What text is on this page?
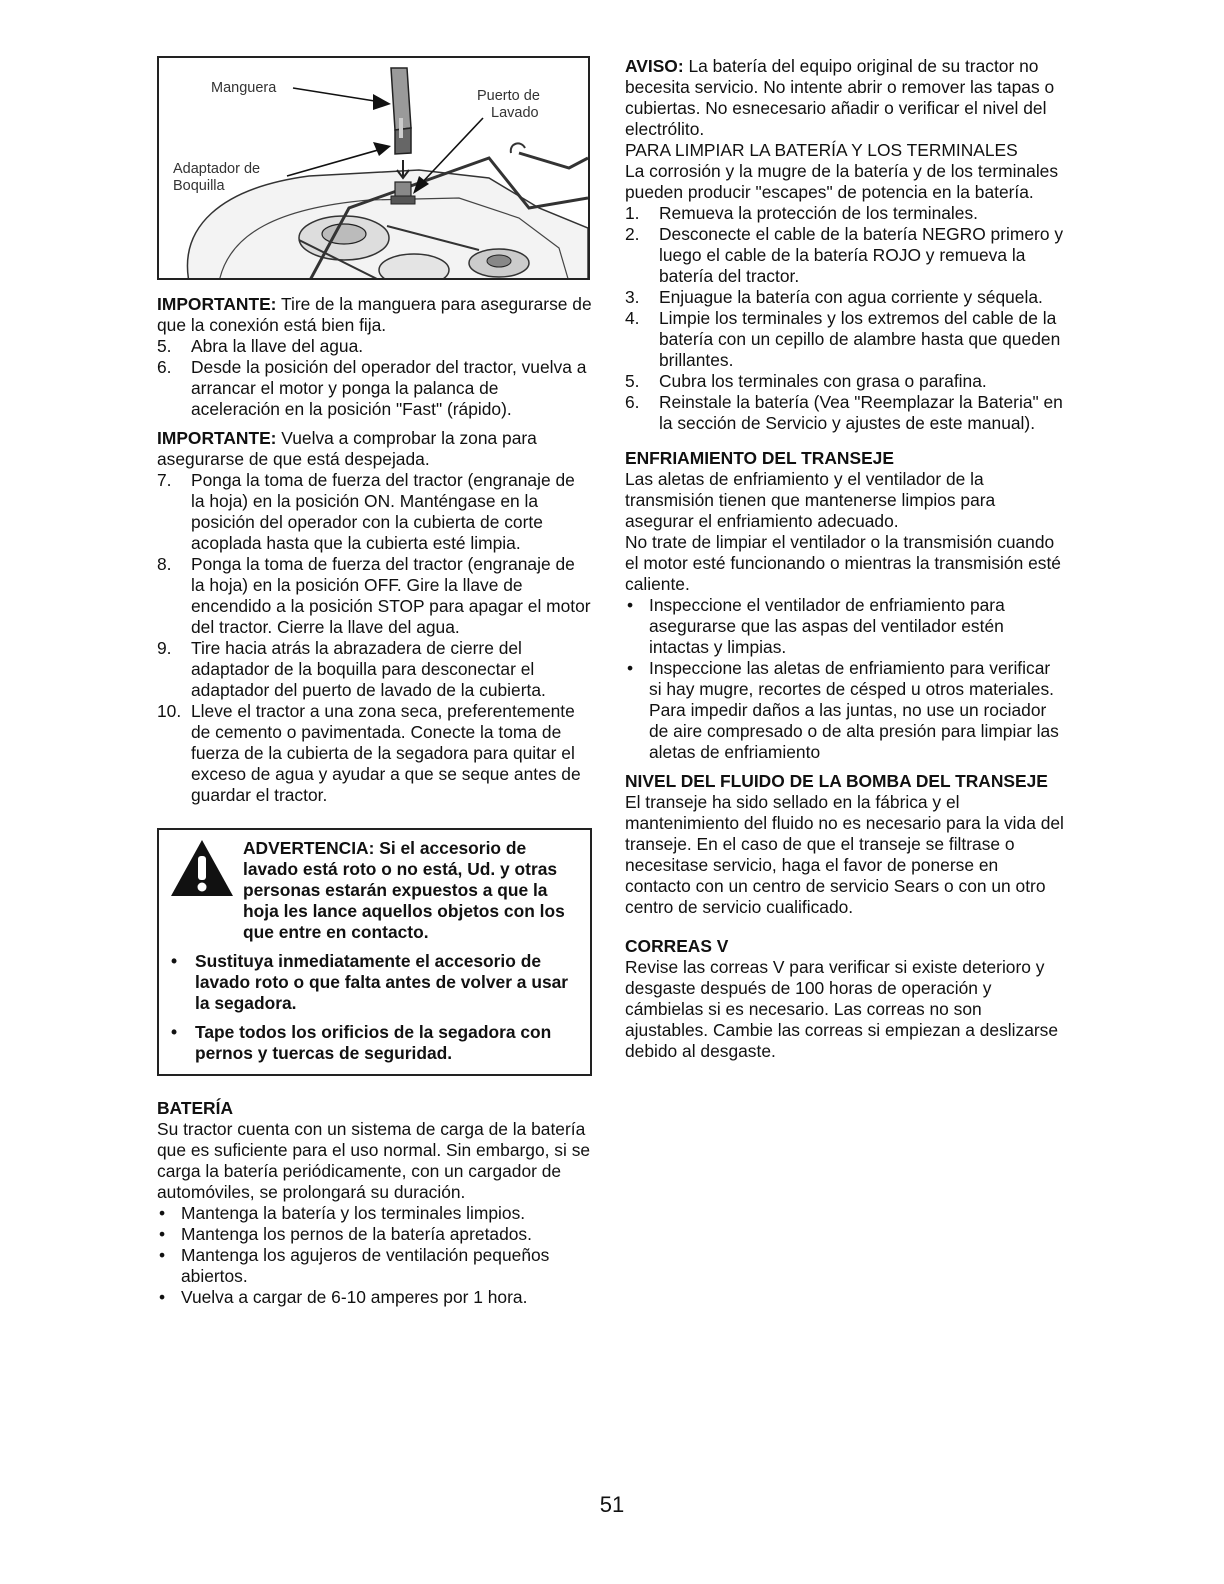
Manguera	Puerto de
Lavado
Adaptador de
Boquilla

IMPORTANTE: Tire de la manguera para asegurarse de que la conexión está bien fija.

5. Abra la llave del agua.
6. Desde la posición del operador del tractor, vuelva a arrancar el motor y ponga la palanca de aceleración en la posición "Fast" (rápido).

IMPORTANTE: Vuelva a comprobar la zona para asegurarse de que está despejada.

7. Ponga la toma de fuerza del tractor (engranaje de la hoja) en la posición ON. Manténgase en la posición del operador con la cubierta de corte acoplada hasta que la cubierta esté limpia.
8. Ponga la toma de fuerza del tractor (engranaje de la hoja) en la posición OFF. Gire la llave de encendido a la posición STOP para apagar el motor del tractor. Cierre la llave del agua.
9. Tire hacia atrás la abrazadera de cierre del adaptador de la boquilla para desconectar el adaptador del puerto de lavado de la cubierta.
10. Lleve el tractor a una zona seca, preferentemente de cemento o pavimentada. Conecte la toma de fuerza de la cubierta de la segadora para quitar el exceso de agua y ayudar a que se seque antes de guardar el tractor.
ADVERTENCIA: Si el accesorio de lavado está roto o no está, Ud. y otras personas estarán expuestos a que la hoja les lance aquellos objetos con los que entre en contacto.
• Sustituya inmediatamente el accesorio de lavado roto o que falta antes de volver a usar la segadora.
• Tape todos los orificios de la segadora con pernos y tuercas de seguridad.
BATERÍA

Su tractor cuenta con un sistema de carga de la batería que es suficiente para el uso normal. Sin embargo, si se carga la batería periódicamente, con un cargador de automóviles, se prolongará su duración.

• Mantenga la batería y los terminales limpios.
• Mantenga los pernos de la batería apretados.
• Mantenga los agujeros de ventilación pequeños abiertos.
• Vuelva a cargar de 6-10 amperes por 1 hora.

AVISO: La batería del equipo original de su tractor no becesita servicio. No intente abrir o remover las tapas o cubiertas. No esnecesario añadir o verificar el nivel del electrólito.

PARA LIMPIAR LA BATERÍA Y LOS TERMINALES

La corrosión y la mugre de la batería y de los terminales pueden producir "escapes" de potencia en la batería.

1. Remueva la protección de los terminales.
2. Desconecte el cable de la batería NEGRO primero y luego el cable de la batería ROJO y remueva la batería del tractor.
3. Enjuague la batería con agua corriente y séquela.
4. Limpie los terminales y los extremos del cable de la batería con un cepillo de alambre hasta que queden brillantes.
5. Cubra los terminales con grasa o parafina.
6. Reinstale la batería (Vea "Reemplazar la Bateria" en la sección de Servicio y ajustes de este manual).
ENFRIAMIENTO DEL TRANSEJE

Las aletas de enfriamiento y el ventilador de la transmisión tienen que mantenerse limpios para asegurar el enfriamiento adecuado.

No trate de limpiar el ventilador o la transmisión cuando el motor esté funcionando o mientras la transmisión esté caliente.

• Inspeccione el ventilador de enfriamiento para asegurarse que las aspas del ventilador estén intactas y limpias.
• Inspeccione las aletas de enfriamiento para verificar si hay mugre, recortes de césped u otros materiales. Para impedir daños a las juntas, no use un rociador de aire compresado o de alta presión para limpiar las aletas de enfriamiento
NIVEL DEL FLUIDO DE LA BOMBA DEL TRANSEJE

El transeje ha sido sellado en la fábrica y el mantenimiento del fluido no es necesario para la vida del transeje. En el caso de que el transeje se filtrase o necesitase servicio, haga el favor de ponerse en contacto con un centro de servicio Sears o con un otro centro de servicio cualificado.

CORREAS V

Revise las correas V para verificar si existe deterioro y desgaste después de 100 horas de operación y cámbielas si es necesario. Las correas no son ajustables. Cambie las correas si empiezan a deslizarse debido al desgaste.

51
